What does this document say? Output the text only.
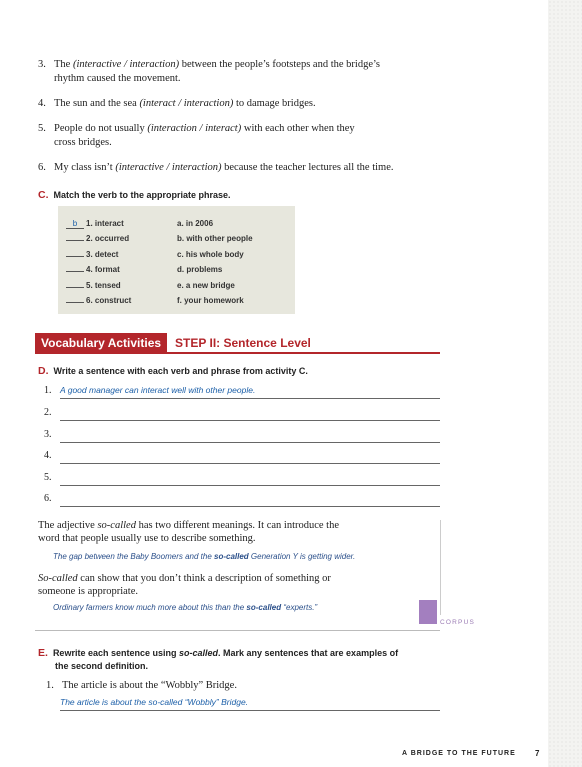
3. The (interactive / interaction) between the people’s footsteps and the bridge’s
rhythm caused the movement.
4. The sun and the sea (interact / interaction) to damage bridges.
5. People do not usually (interaction / interact) with each other when they
cross bridges.
6. My class isn’t (interactive / interaction) because the teacher lectures all the time.
C. Match the verb to the appropriate phrase.
b 1. interact
2. occurred
3. detect
4. format
5. tensed
6. construct
a. in 2006
b. with other people
c. his whole body
d. problems
e. a new bridge
f. your homework
Vocabulary Activities	STEP II: Sentence Level
D. Write a sentence with each verb and phrase from activity C.
1. A good manager can interact well with other people.
2.
3.
4.
5.
6.
The adjective so-called has two different meanings. It can introduce the
word that people usually use to describe something.
The gap between the Baby Boomers and the so-called Generation Y is getting wider.
So-called can show that you don’t think a description of something or
someone is appropriate.
Ordinary farmers know much more about this than the so-called “experts.”
CORPUS
E. Rewrite each sentence using so-called. Mark any sentences that are examples of
the second definition.
1. The article is about the “Wobbly” Bridge.
The article is about the so-called “Wobbly” Bridge.
A BRIDGE TO THE FUTURE 7
